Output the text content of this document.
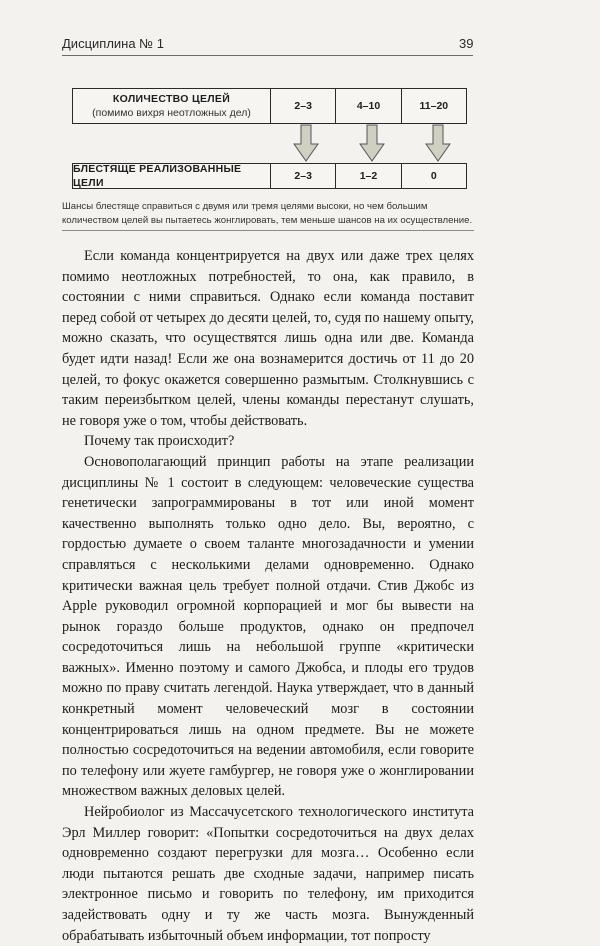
Дисциплина № 1	39
КОЛИЧЕСТВО ЦЕЛЕЙ
(помимо вихря неотложных дел)
2–3	4–10	11–20
БЛЕСТЯЩЕ РЕАЛИЗОВАННЫЕ ЦЕЛИ
2–3	1–2	0
Шансы блестяще справиться с двумя или тремя целями высоки, но чем большим количеством целей вы пытаетесь жонглировать, тем меньше шансов на их осуществление.

Если команда концентрируется на двух или даже трех целях помимо неотложных потребностей, то она, как правило, в состоянии с ними справиться. Однако если команда поставит перед собой от четырех до десяти целей, то, судя по нашему опыту, можно сказать, что осуществятся лишь одна или две. Команда будет идти назад! Если же она вознамерится достичь от 11 до 20 целей, то фокус окажется совершенно размытым. Столкнувшись с таким переизбытком целей, члены команды перестанут слушать, не говоря уже о том, чтобы действовать.

Почему так происходит?

Основополагающий принцип работы на этапе реализации дисциплины № 1 состоит в следующем: человеческие существа генетически запрограммированы в тот или иной момент качественно выполнять только одно дело. Вы, вероятно, с гордостью думаете о своем таланте многозадачности и умении справляться с несколькими делами одновременно. Однако критически важная цель требует полной отдачи. Стив Джобс из Apple руководил огромной корпорацией и мог бы вывести на рынок гораздо больше продуктов, однако он предпочел сосредоточиться лишь на небольшой группе «критически важных». Именно поэтому и самого Джобса, и плоды его трудов можно по праву считать легендой. Наука утверждает, что в данный конкретный момент человеческий мозг в состоянии концентрироваться лишь на одном предмете. Вы не можете полностью сосредоточиться на ведении автомобиля, если говорите по телефону или жуете гамбургер, не говоря уже о жонглировании множеством важных деловых целей.

Нейробиолог из Массачусетского технологического института Эрл Миллер говорит: «Попытки сосредоточиться на двух делах одновременно создают перегрузки для мозга… Особенно если люди пытаются решать две сходные задачи, например писать электронное письмо и говорить по телефону, им приходится задействовать одну и ту же часть мозга. Вынужденный обрабатывать избыточный объем информации, тот попросту
